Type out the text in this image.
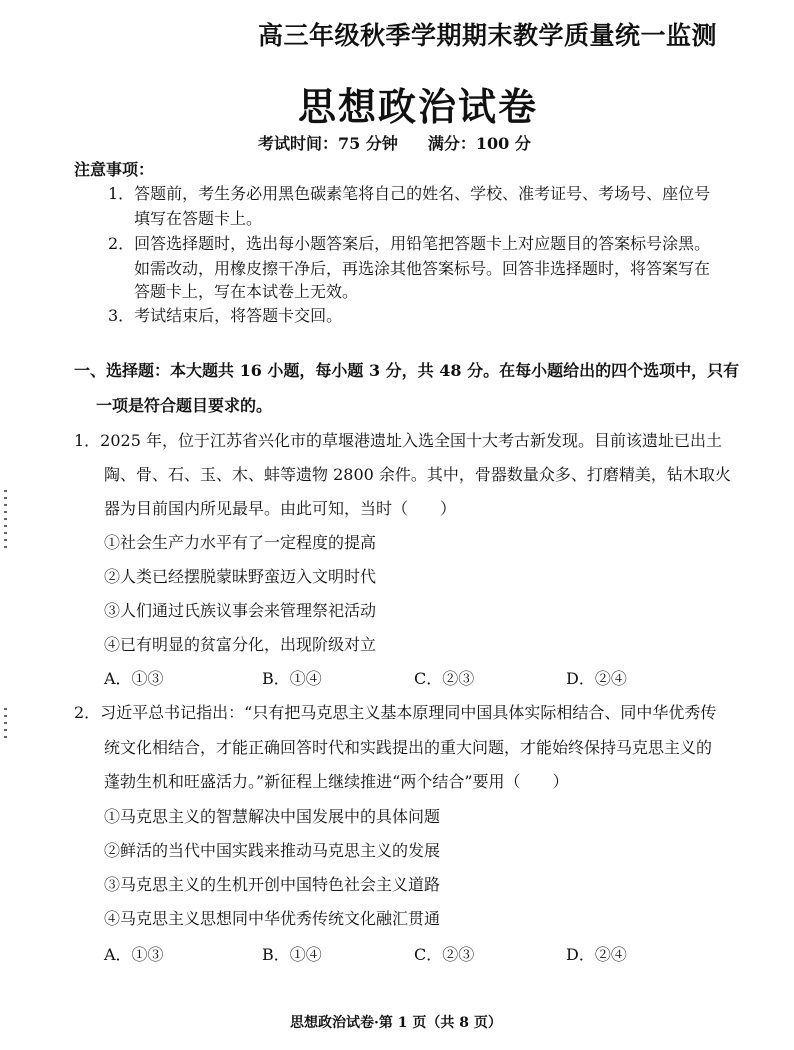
高三年级秋季学期期末教学质量统一监测
思想政治试卷
考试时间：75 分钟 满分：100 分
注意事项：
1．答题前，考生务必用黑色碳素笔将自己的姓名、学校、准考证号、考场号、座位号
填写在答题卡上。
2．回答选择题时，选出每小题答案后，用铅笔把答题卡上对应题目的答案标号涂黑。
如需改动，用橡皮擦干净后，再选涂其他答案标号。回答非选择题时，将答案写在
答题卡上，写在本试卷上无效。
3．考试结束后，将答题卡交回。
一、选择题：本大题共 16 小题，每小题 3 分，共 48 分。在每小题给出的四个选项中，只有
一项是符合题目要求的。
1．2025 年，位于江苏省兴化市的草堰港遗址入选全国十大考古新发现。目前该遗址已出土
陶、骨、石、玉、木、蚌等遗物 2800 余件。其中，骨器数量众多、打磨精美，钻木取火
器为目前国内所见最早。由此可知，当时（　　）
①社会生产力水平有了一定程度的提高
②人类已经摆脱蒙昧野蛮迈入文明时代
③人们通过氏族议事会来管理祭祀活动
④已有明显的贫富分化，出现阶级对立
A．①③	B．①④	C．②③	D．②④
2．习近平总书记指出：“只有把马克思主义基本原理同中国具体实际相结合、同中华优秀传
统文化相结合，才能正确回答时代和实践提出的重大问题，才能始终保持马克思主义的
蓬勃生机和旺盛活力。”新征程上继续推进“两个结合”要用（　　）
①马克思主义的智慧解决中国发展中的具体问题
②鲜活的当代中国实践来推动马克思主义的发展
③马克思主义的生机开创中国特色社会主义道路
④马克思主义思想同中华优秀传统文化融汇贯通
A．①③	B．①④	C．②③	D．②④
思想政治试卷·第 1 页（共 8 页）
